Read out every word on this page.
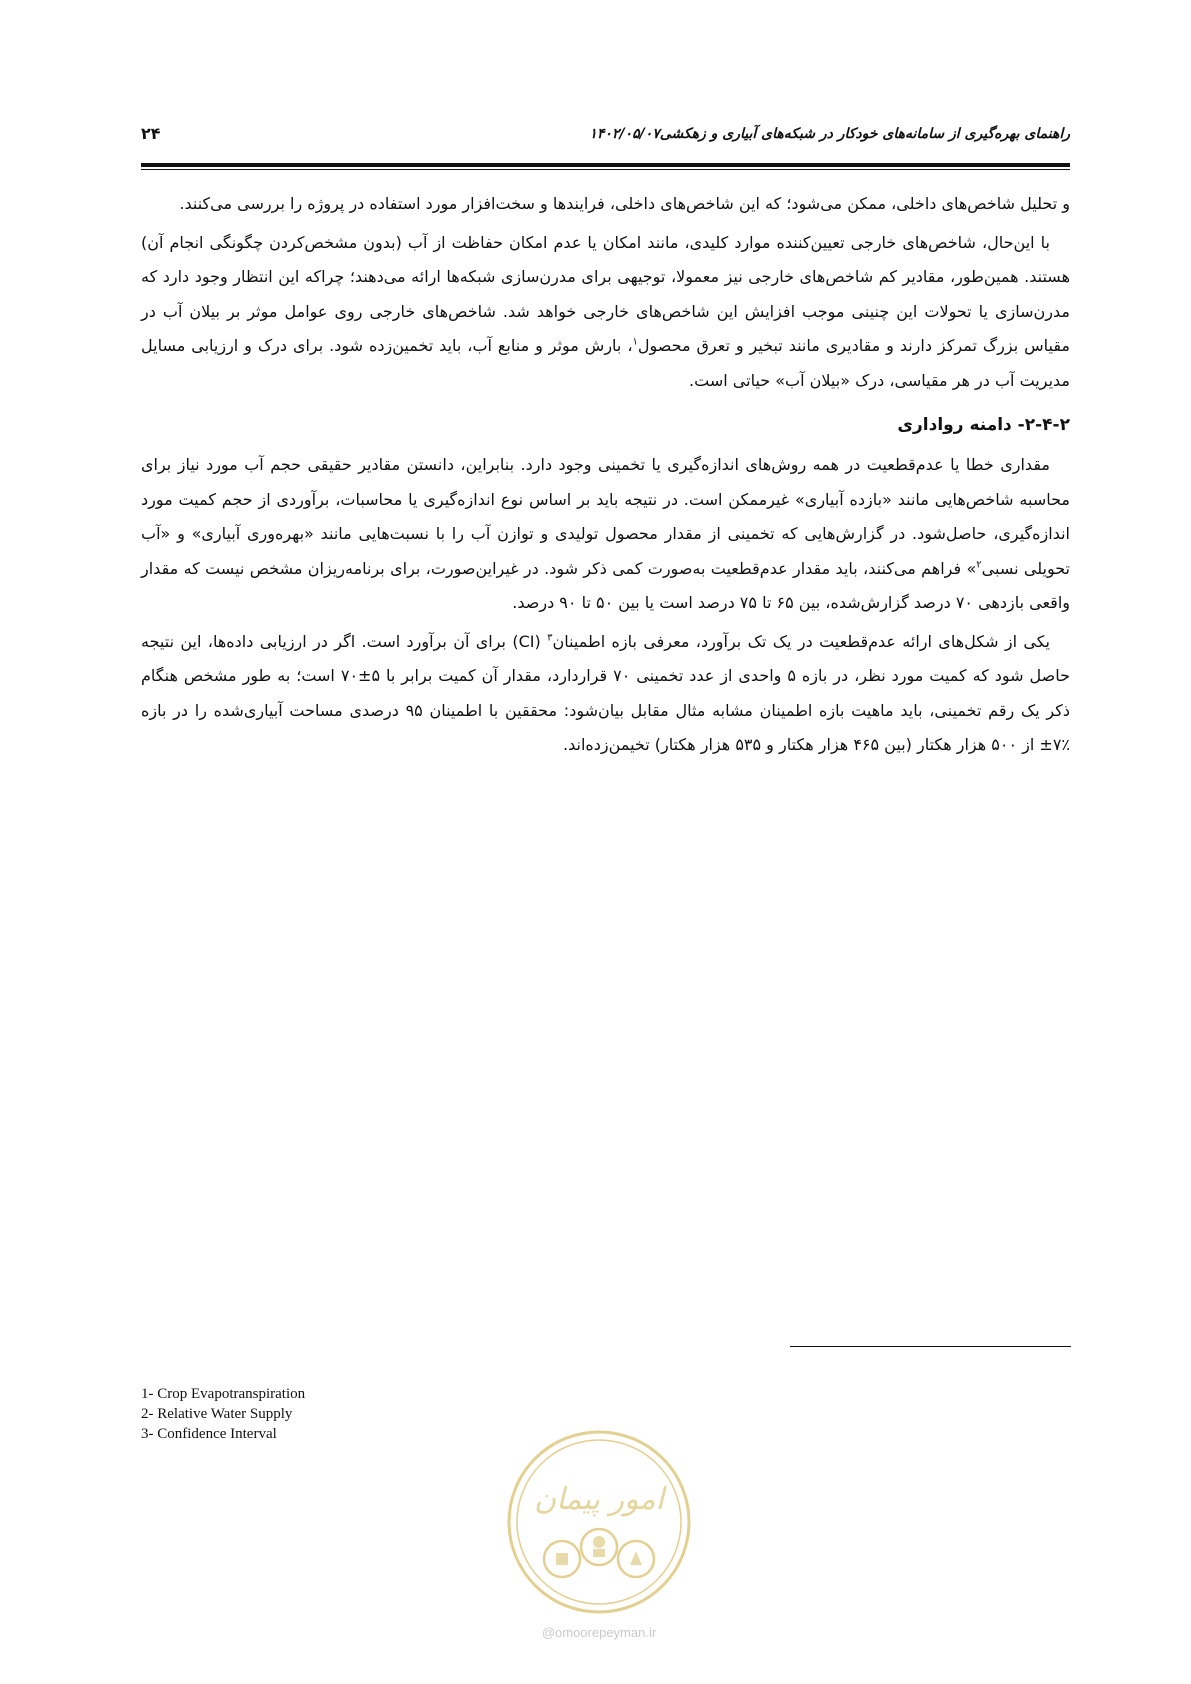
راهنمای بهره‌گیری از سامانه‌های خودکار در شبکه‌های آبیاری و زهکشی۱۴۰۲/۰۵/۰۷
۲۴

و تحلیل شاخص‌های داخلی، ممکن می‌شود؛ که این شاخص‌های داخلی، فرایندها و سخت‌افزار مورد استفاده در پروژه را بررسی می‌کنند.

با این‌حال، شاخص‌های خارجی تعیین‌کننده موارد کلیدی، مانند امکان یا عدم امکان حفاظت از آب (بدون مشخص‌کردن چگونگی انجام آن) هستند. همین‌طور، مقادیر کم شاخص‌های خارجی نیز معمولا، توجیهی برای مدرن‌سازی شبکه‌ها ارائه می‌دهند؛ چراکه این انتظار وجود دارد که مدرن‌سازی یا تحولات این چنینی موجب افزایش این شاخص‌های خارجی خواهد شد. شاخص‌های خارجی روی عوامل موثر بر بیلان آب در مقیاس بزرگ تمرکز دارند و مقادیری مانند تبخیر و تعرق محصول$^۱$، بارش موثر و منابع آب، باید تخمین‌زده شود. برای درک و ارزیابی مسایل مدیریت آب در هر مقیاسی، درک «بیلان آب» حیاتی است.

۲-۴-۲- دامنه رواداری

مقداری خطا یا عدم‌قطعیت در همه روش‌های اندازه‌گیری یا تخمینی وجود دارد. بنابراین، دانستن مقادیر حقیقی حجم آب مورد نیاز برای محاسبه شاخص‌هایی مانند «بازده آبیاری» غیرممکن است. در نتیجه باید بر اساس نوع اندازه‌گیری یا محاسبات، برآوردی از حجم کمیت مورد اندازه‌گیری، حاصل‌شود. در گزارش‌هایی که تخمینی از مقدار محصول تولیدی و توازن آب را با نسبت‌هایی مانند «بهره‌وری آبیاری» و «آب تحویلی نسبی$^۲$» فراهم می‌کنند، باید مقدار عدم‌قطعیت به‌صورت کمی ذکر شود. در غیراین‌صورت، برای برنامه‌ریزان مشخص نیست که مقدار واقعی بازدهی ۷۰ درصد گزارش‌شده، بین ۶۵ تا ۷۵ درصد است یا بین ۵۰ تا ۹۰ درصد.

یکی از شکل‌های ارائه عدم‌قطعیت در یک تک برآورد، معرفی بازه اطمینان$^۳$ (CI) برای آن برآورد است. اگر در ارزیابی داده‌ها، این نتیجه حاصل شود که کمیت مورد نظر، در بازه ۵ واحدی از عدد تخمینی ۷۰ قراردارد، مقدار آن کمیت برابر با ۵±۷۰ است؛ به طور مشخص هنگام ذکر یک رقم تخمینی، باید ماهیت بازه اطمینان مشابه مثال مقابل بیان‌شود: محققین با اطمینان ۹۵ درصدی مساحت آبیاری‌شده را در بازه ٪۷± از ۵۰۰ هزار هکتار (بین ۴۶۵ هزار هکتار و ۵۳۵ هزار هکتار) تخیمن‌زده‌اند.

1- Crop Evapotranspiration
2- Relative Water Supply
3- Confidence Interval
امور پیمان
@omoorepeyman.ir
